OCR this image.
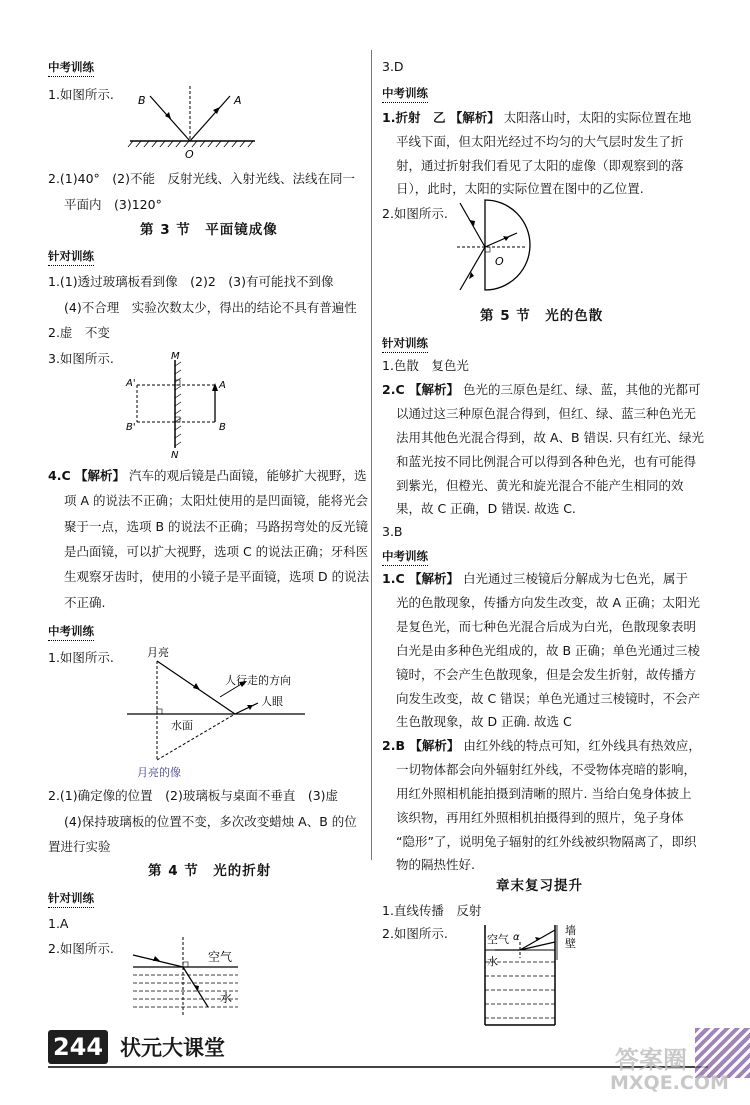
中考训练
1.如图所示. B	A
O
2.(1)40°　(2)不能　反射光线、入射光线、法线在同一
平面内　(3)120°
第 3 节　平面镜成像
针对训练
1.(1)透过玻璃板看到像　(2)2　(3)有可能找不到像
(4)不合理　实验次数太少，得出的结论不具有普遍性
2.虚　不变
3.如图所示.	M
N
A'	A
B'	B
4.C 【解析】 汽车的观后镜是凸面镜，能够扩大视野，选
项 A 的说法不正确；太阳灶使用的是凹面镜，能将光会
聚于一点，选项 B 的说法不正确；马路拐弯处的反光镜
是凸面镜，可以扩大视野，选项 C 的说法正确；牙科医
生观察牙齿时，使用的小镜子是平面镜，选项 D 的说法
不正确.
中考训练
1.如图所示.	月亮
人行走的方向
人眼
水面
月亮的像
2.(1)确定像的位置　(2)玻璃板与桌面不垂直　(3)虚
(4)保持玻璃板的位置不变，多次改变蜡烛 A、B 的位
置进行实验
第 4 节　光的折射
针对训练
1.A
2.如图所示.
空气
水
3.D
中考训练
1.折射　乙 【解析】 太阳落山时，太阳的实际位置在地
平线下面，但太阳光经过不均匀的大气层时发生了折
射，通过折射我们看见了太阳的虚像（即观察到的落
日），此时，太阳的实际位置在图中的乙位置.
2.如图所示.
O
第 5 节　光的色散
针对训练
1.色散　复色光
2.C 【解析】 色光的三原色是红、绿、蓝，其他的光都可
以通过这三种原色混合得到，但红、绿、蓝三种色光无
法用其他色光混合得到，故 A、B 错误. 只有红光、绿光
和蓝光按不同比例混合可以得到各种色光，也有可能得
到紫光，但橙光、黄光和旋光混合不能产生相同的效
果，故 C 正确，D 错误. 故选 C.
3.B
中考训练
1.C 【解析】 白光通过三棱镜后分解成为七色光，属于
光的色散现象，传播方向发生改变，故 A 正确；太阳光
是复色光，而七种色光混合后成为白光，色散现象表明
白光是由多种色光组成的，故 B 正确；单色光通过三棱
镜时，不会产生色散现象，但是会发生折射，故传播方
向发生改变，故 C 错误；单色光通过三棱镜时，不会产
生色散现象，故 D 正确. 故选 C
2.B 【解析】 由红外线的特点可知，红外线具有热效应，
一切物体都会向外辐射红外线，不受物体亮暗的影响，
用红外照相机能拍摄到清晰的照片. 当给白兔身体披上
该织物，再用红外照相机拍摄得到的照片，兔子身体
“隐形”了，说明兔子辐射的红外线被织物隔离了，即织
物的隔热性好.
章末复习提升
1.直线传播　反射
2.如图所示.	空气
水
α
墙
壁
244 状元大课堂	答案圈
MXQE.COM
